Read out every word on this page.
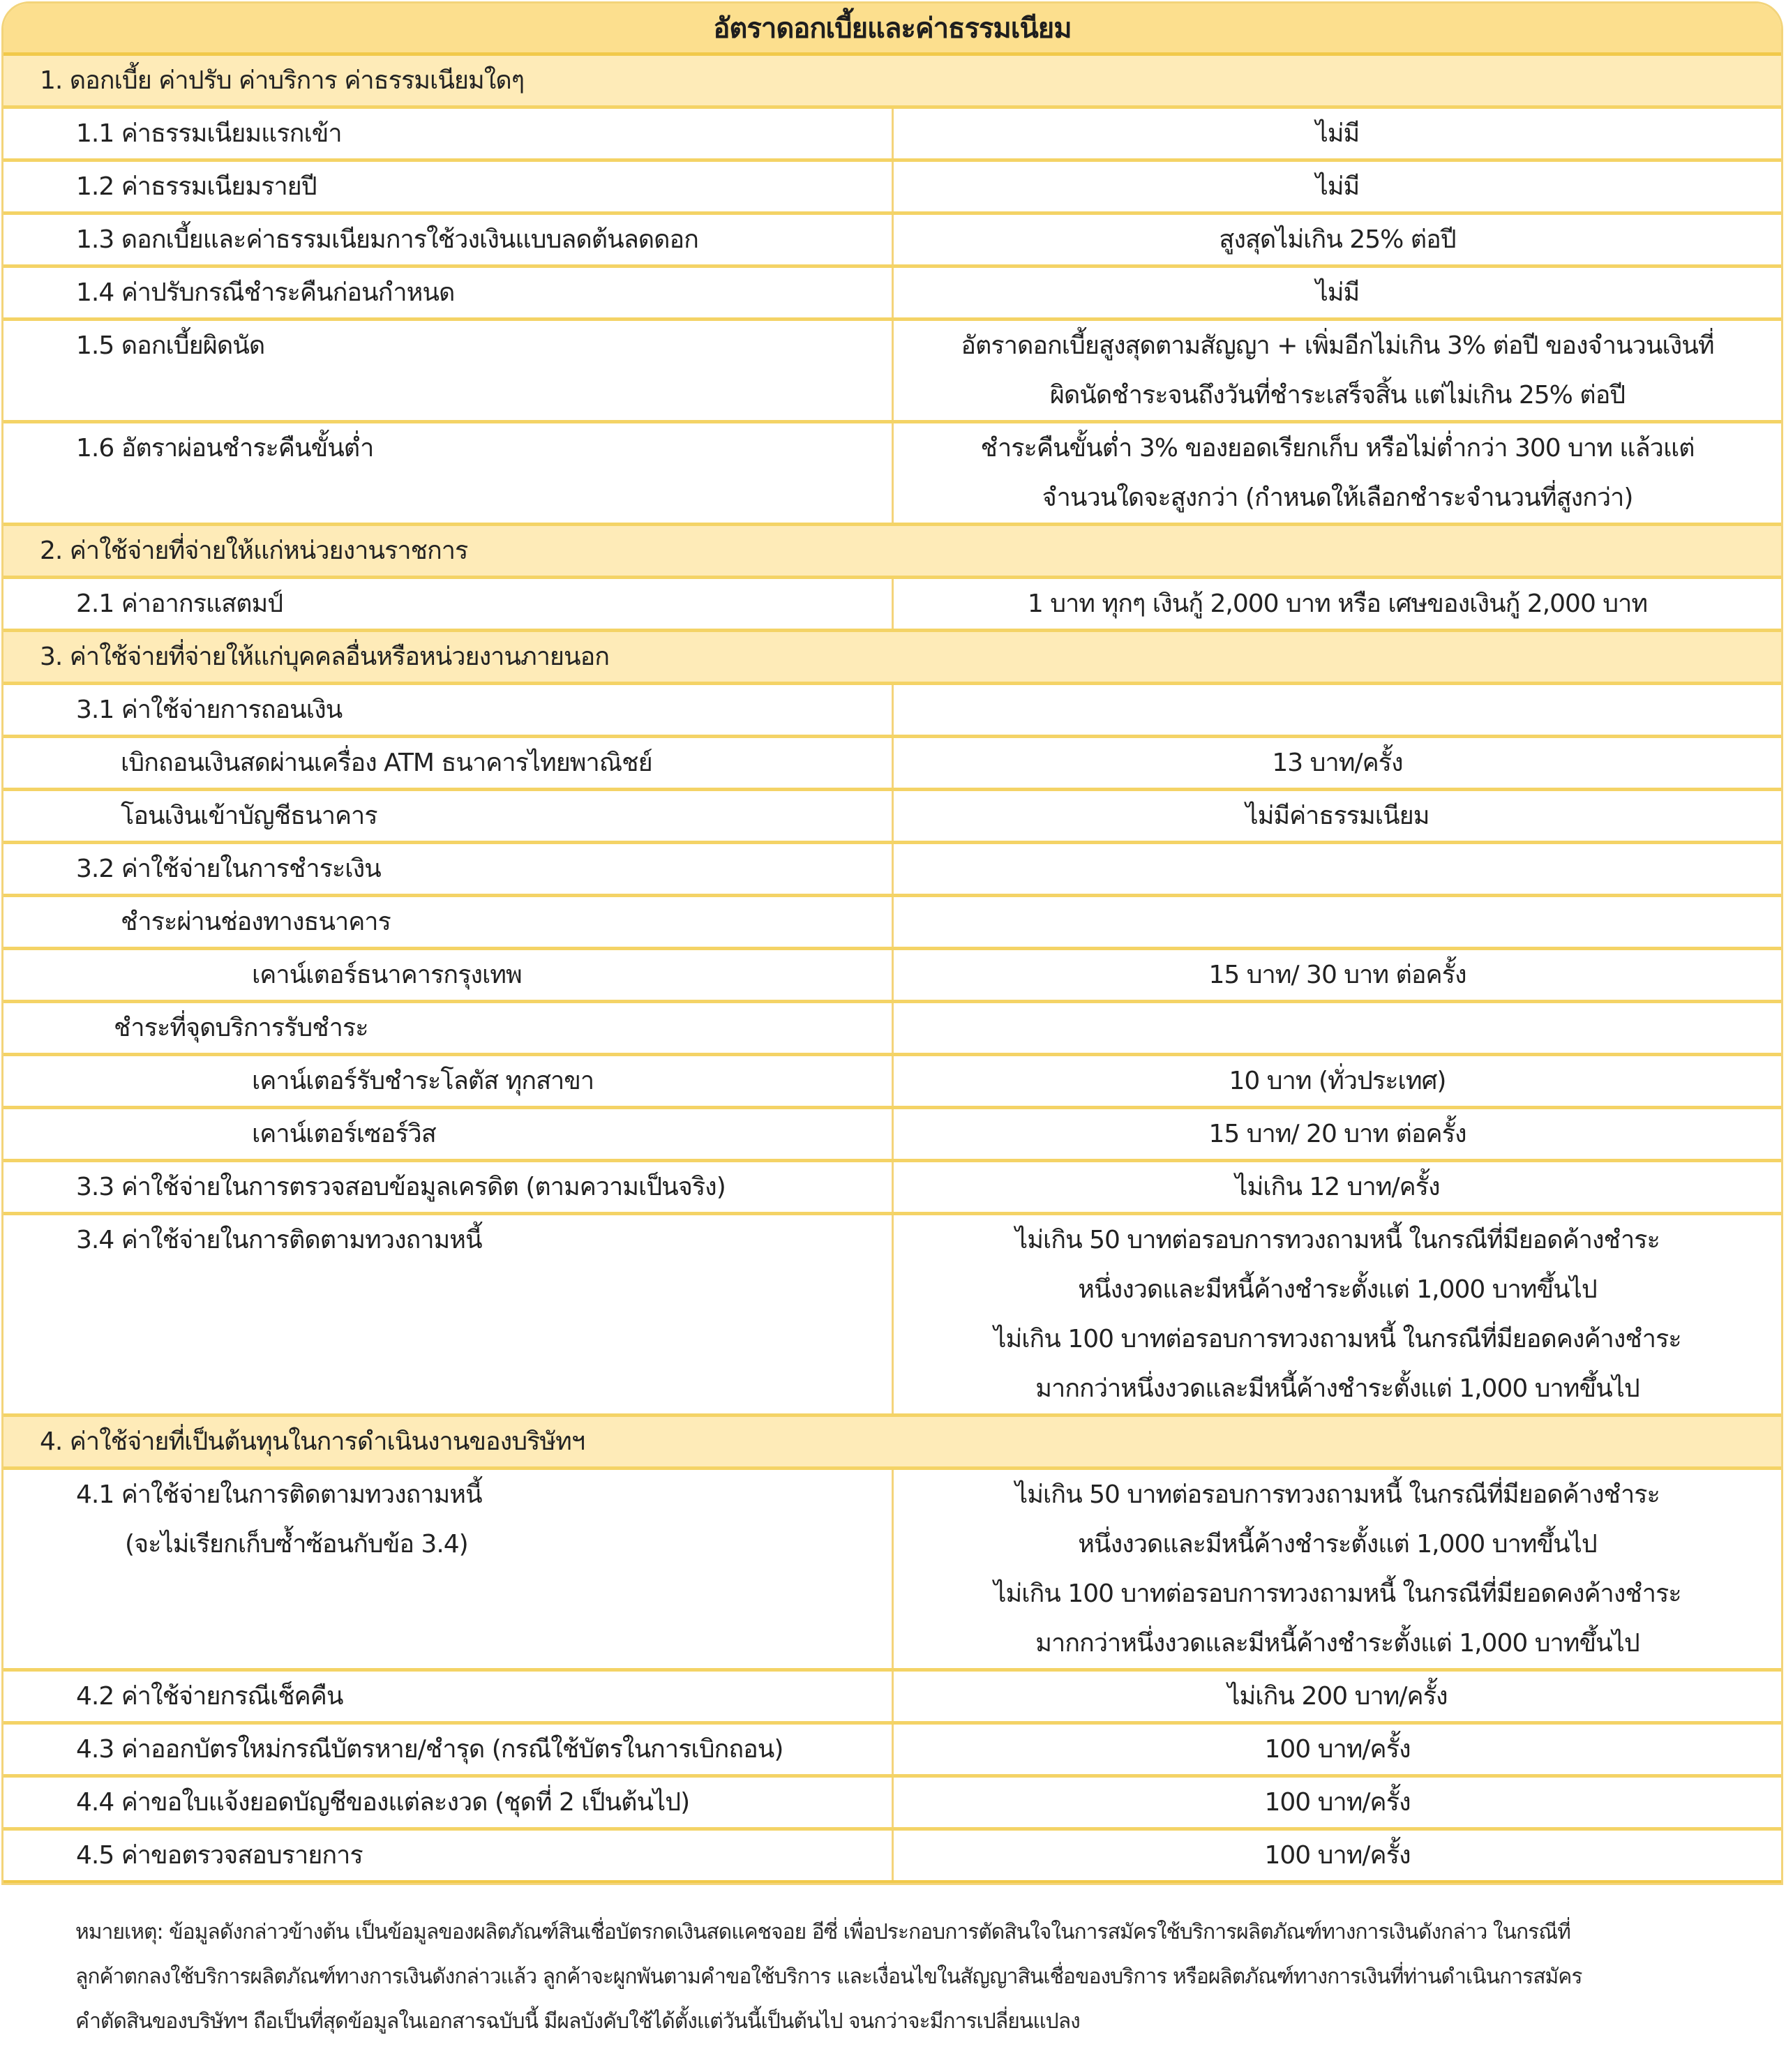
อัตราดอกเบี้ยและค่าธรรมเนียม
1. ดอกเบี้ย ค่าปรับ ค่าบริการ ค่าธรรมเนียมใดๆ
1.1 ค่าธรรมเนียมแรกเข้า	ไม่มี
1.2 ค่าธรรมเนียมรายปี	ไม่มี
1.3 ดอกเบี้ยและค่าธรรมเนียมการใช้วงเงินแบบลดต้นลดดอก	สูงสุดไม่เกิน 25% ต่อปี
1.4 ค่าปรับกรณีชำระคืนก่อนกำหนด	ไม่มี
1.5 ดอกเบี้ยผิดนัด	อัตราดอกเบี้ยสูงสุดตามสัญญา + เพิ่มอีกไม่เกิน 3% ต่อปี ของจำนวนเงินที่
ผิดนัดชำระจนถึงวันที่ชำระเสร็จสิ้น แต่ไม่เกิน 25% ต่อปี
1.6 อัตราผ่อนชำระคืนขั้นต่ำ	ชำระคืนขั้นต่ำ 3% ของยอดเรียกเก็บ หรือไม่ต่ำกว่า 300 บาท แล้วแต่
จำนวนใดจะสูงกว่า (กำหนดให้เลือกชำระจำนวนที่สูงกว่า)
2. ค่าใช้จ่ายที่จ่ายให้แก่หน่วยงานราชการ
2.1 ค่าอากรแสตมป์	1 บาท ทุกๆ เงินกู้ 2,000 บาท หรือ เศษของเงินกู้ 2,000 บาท
3. ค่าใช้จ่ายที่จ่ายให้แก่บุคคลอื่นหรือหน่วยงานภายนอก
3.1 ค่าใช้จ่ายการถอนเงิน
เบิกถอนเงินสดผ่านเครื่อง ATM ธนาคารไทยพาณิชย์	13 บาท/ครั้ง
โอนเงินเข้าบัญชีธนาคาร	ไม่มีค่าธรรมเนียม
3.2 ค่าใช้จ่ายในการชำระเงิน
ชำระผ่านช่องทางธนาคาร
เคาน์เตอร์ธนาคารกรุงเทพ	15 บาท/ 30 บาท ต่อครั้ง
ชำระที่จุดบริการรับชำระ
เคาน์เตอร์รับชำระโลตัส ทุกสาขา	10 บาท (ทั่วประเทศ)
เคาน์เตอร์เซอร์วิส	15 บาท/ 20 บาท ต่อครั้ง
3.3 ค่าใช้จ่ายในการตรวจสอบข้อมูลเครดิต (ตามความเป็นจริง)	ไม่เกิน 12 บาท/ครั้ง
3.4 ค่าใช้จ่ายในการติดตามทวงถามหนี้	ไม่เกิน 50 บาทต่อรอบการทวงถามหนี้ ในกรณีที่มียอดค้างชำระ
หนึ่งงวดและมีหนี้ค้างชำระตั้งแต่ 1,000 บาทขึ้นไป
ไม่เกิน 100 บาทต่อรอบการทวงถามหนี้ ในกรณีที่มียอดคงค้างชำระ
มากกว่าหนึ่งงวดและมีหนี้ค้างชำระตั้งแต่ 1,000 บาทขึ้นไป
4. ค่าใช้จ่ายที่เป็นต้นทุนในการดำเนินงานของบริษัทฯ
4.1 ค่าใช้จ่ายในการติดตามทวงถามหนี้
(จะไม่เรียกเก็บซ้ำซ้อนกับข้อ 3.4)
ไม่เกิน 50 บาทต่อรอบการทวงถามหนี้ ในกรณีที่มียอดค้างชำระ
หนึ่งงวดและมีหนี้ค้างชำระตั้งแต่ 1,000 บาทขึ้นไป
ไม่เกิน 100 บาทต่อรอบการทวงถามหนี้ ในกรณีที่มียอดคงค้างชำระ
มากกว่าหนึ่งงวดและมีหนี้ค้างชำระตั้งแต่ 1,000 บาทขึ้นไป
4.2 ค่าใช้จ่ายกรณีเช็คคืน	ไม่เกิน 200 บาท/ครั้ง
4.3 ค่าออกบัตรใหม่กรณีบัตรหาย/ชำรุด (กรณีใช้บัตรในการเบิกถอน)	100 บาท/ครั้ง
4.4 ค่าขอใบแจ้งยอดบัญชีของแต่ละงวด (ชุดที่ 2 เป็นต้นไป)	100 บาท/ครั้ง
4.5 ค่าขอตรวจสอบรายการ	100 บาท/ครั้ง
หมายเหตุ: ข้อมูลดังกล่าวข้างต้น เป็นข้อมูลของผลิตภัณฑ์สินเชื่อบัตรกดเงินสดแคชจอย อีซี่ เพื่อประกอบการตัดสินใจในการสมัครใช้บริการผลิตภัณฑ์ทางการเงินดังกล่าว ในกรณีที่
ลูกค้าตกลงใช้บริการผลิตภัณฑ์ทางการเงินดังกล่าวแล้ว ลูกค้าจะผูกพันตามคำขอใช้บริการ และเงื่อนไขในสัญญาสินเชื่อของบริการ หรือผลิตภัณฑ์ทางการเงินที่ท่านดำเนินการสมัคร
คำตัดสินของบริษัทฯ ถือเป็นที่สุดข้อมูลในเอกสารฉบับนี้ มีผลบังคับใช้ได้ตั้งแต่วันนี้เป็นต้นไป จนกว่าจะมีการเปลี่ยนแปลง
